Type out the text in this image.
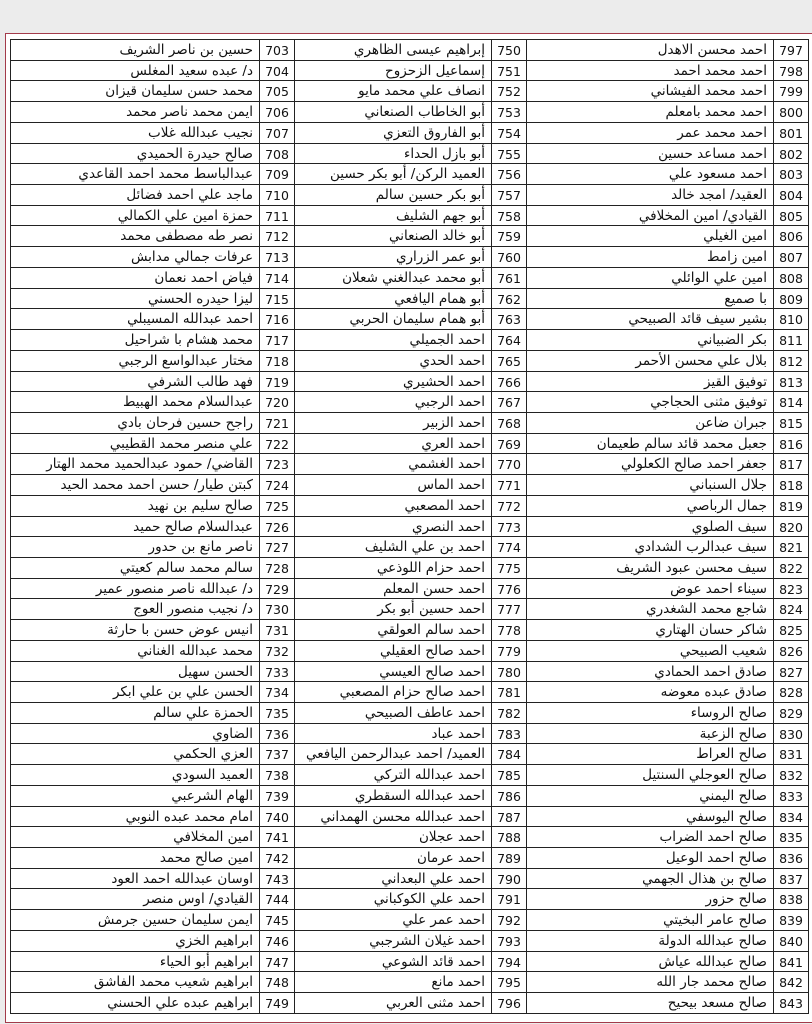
احمد محسن الاهدل 797
احمد محمد احمد 798
احمد محمد الفيشاني 799
احمد محمد بامعلم 800
احمد محمد عمر 801
احمد مساعد حسين 802
احمد مسعود علي 803
العقيد/ امجد خالد 804
القيادي/ امين المخلافي 805
امين الغيلي 806
امين زامط 807
امين علي الوائلي 808
با صميع 809
بشير سيف قائد الصبيحي 810
بكر الضبياني 811
بلال علي محسن الأحمر 812
توفيق القيز 813
توفيق مثنى الحجاجي 814
جبران ضاعن 815
جعبل محمد قائد سالم طعيمان 816
جعفر احمد صالح الكعلولي 817
جلال السنباني 818
جمال الرباصي 819
سيف الصلوي 820
سيف عبدالرب الشدادي 821
سيف محسن عبود الشريف 822
سيناء احمد عوض 823
شاجع محمد الشغدري 824
شاكر حسان الهتاري 825
شعيب الصبيحي 826
صادق احمد الحمادي 827
صادق عبده معوضه 828
صالح الروساء 829
صالح الزعبة 830
صالح العراط 831
صالح العوجلي السنتيل 832
صالح اليمني 833
صالح اليوسفي 834
صالح احمد الضراب 835
صالح احمد الوعيل 836
صالح بن هذال الجهمي 837
صالح حزور 838
صالح عامر البخيتي 839
صالح عبدالله الدولة 840
صالح عبدالله عياش 841
صالح محمد جار الله 842
صالح مسعد بيحيح 843
إبراهيم عيسى الظاهري 750
إسماعيل الزحزوح 751
انصاف علي محمد مايو 752
أبو الخاطاب الصنعاني 753
أبو الفاروق التعزي 754
أبو بازل الحداء 755
العميد الركن/ أبو بكر حسين 756
أبو بكر حسين سالم 757
أبو جهم الشليف 758
أبو خالد الصنعاني 759
أبو عمر الزراري 760
أبو محمد عبدالغني شعلان 761
أبو همام اليافعي 762
أبو همام سليمان الحربي 763
احمد الجميلي 764
احمد الحدي 765
احمد الحشيري 766
احمد الرجبي 767
احمد الزبير 768
احمد العري 769
احمد الغشمي 770
احمد الماس 771
احمد المصعبي 772
احمد النصري 773
احمد بن علي الشليف 774
احمد حزام اللوذعي 775
احمد حسن المعلم 776
احمد حسين أبو بكر 777
احمد سالم العولقي 778
احمد صالح العقيلي 779
احمد صالح العيسي 780
احمد صالح حزام المصعبي 781
احمد عاطف الصبيحي 782
احمد عباد 783
العميد/ احمد عبدالرحمن اليافعي 784
احمد عبدالله التركي 785
احمد عبدالله السقطري 786
احمد عبدالله محسن الهمداني 787
احمد عجلان 788
احمد عرمان 789
احمد علي البعداني 790
احمد علي الكوكباني 791
احمد عمر علي 792
احمد غيلان الشرجبي 793
احمد قائد الشوعي 794
احمد مانع 795
احمد مثنى العربي 796
حسين بن ناصر الشريف 703
د/ عبده سعيد المغلس 704
محمد حسن سليمان قيزان 705
ايمن محمد ناصر محمد 706
نجيب عبدالله غلاب 707
صالح حيدرة الحميدي 708
عبدالباسط محمد احمد القاعدي 709
ماجد علي احمد فضائل 710
حمزة امين علي الكمالي 711
نصر طه مصطفى محمد 712
عرفات جمالي مدابش 713
فياض احمد نعمان 714
ليزا حيدره الحسني 715
احمد عبدالله المسيبلي 716
محمد هشام با شراحيل 717
مختار عبدالواسع الرجبي 718
فهد طالب الشرفي 719
عبدالسلام محمد الهبيط 720
راجح حسين فرحان بادي 721
علي منصر محمد القطيبي 722
القاضي/ حمود عبدالحميد محمد الهتار 723
كبتن طيار/ حسن احمد محمد الحيد 724
صالح سليم بن نهيد 725
عبدالسلام صالح حميد 726
ناصر مانع بن حدور 727
سالم محمد سالم كعيتي 728
د/ عبدالله ناصر منصور عمير 729
د/ نجيب منصور العوج 730
انيس عوض حسن با حارثة 731
محمد عبدالله الغناني 732
الحسن سهيل 733
الحسن علي بن علي ابكر 734
الحمزة علي سالم 735
الضاوي 736
العزي الحكمي 737
العميد السودي 738
الهام الشرعبي 739
امام محمد عبده النوبي 740
امين المخلافي 741
امين صالح محمد 742
اوسان عبدالله احمد العود 743
القيادي/ اوس منصر 744
ايمن سليمان حسين جرمش 745
ابراهيم الخزي 746
ابراهيم أبو الحياء 747
ابراهيم شعيب محمد الفاشق 748
ابراهيم عبده علي الحسني 749
